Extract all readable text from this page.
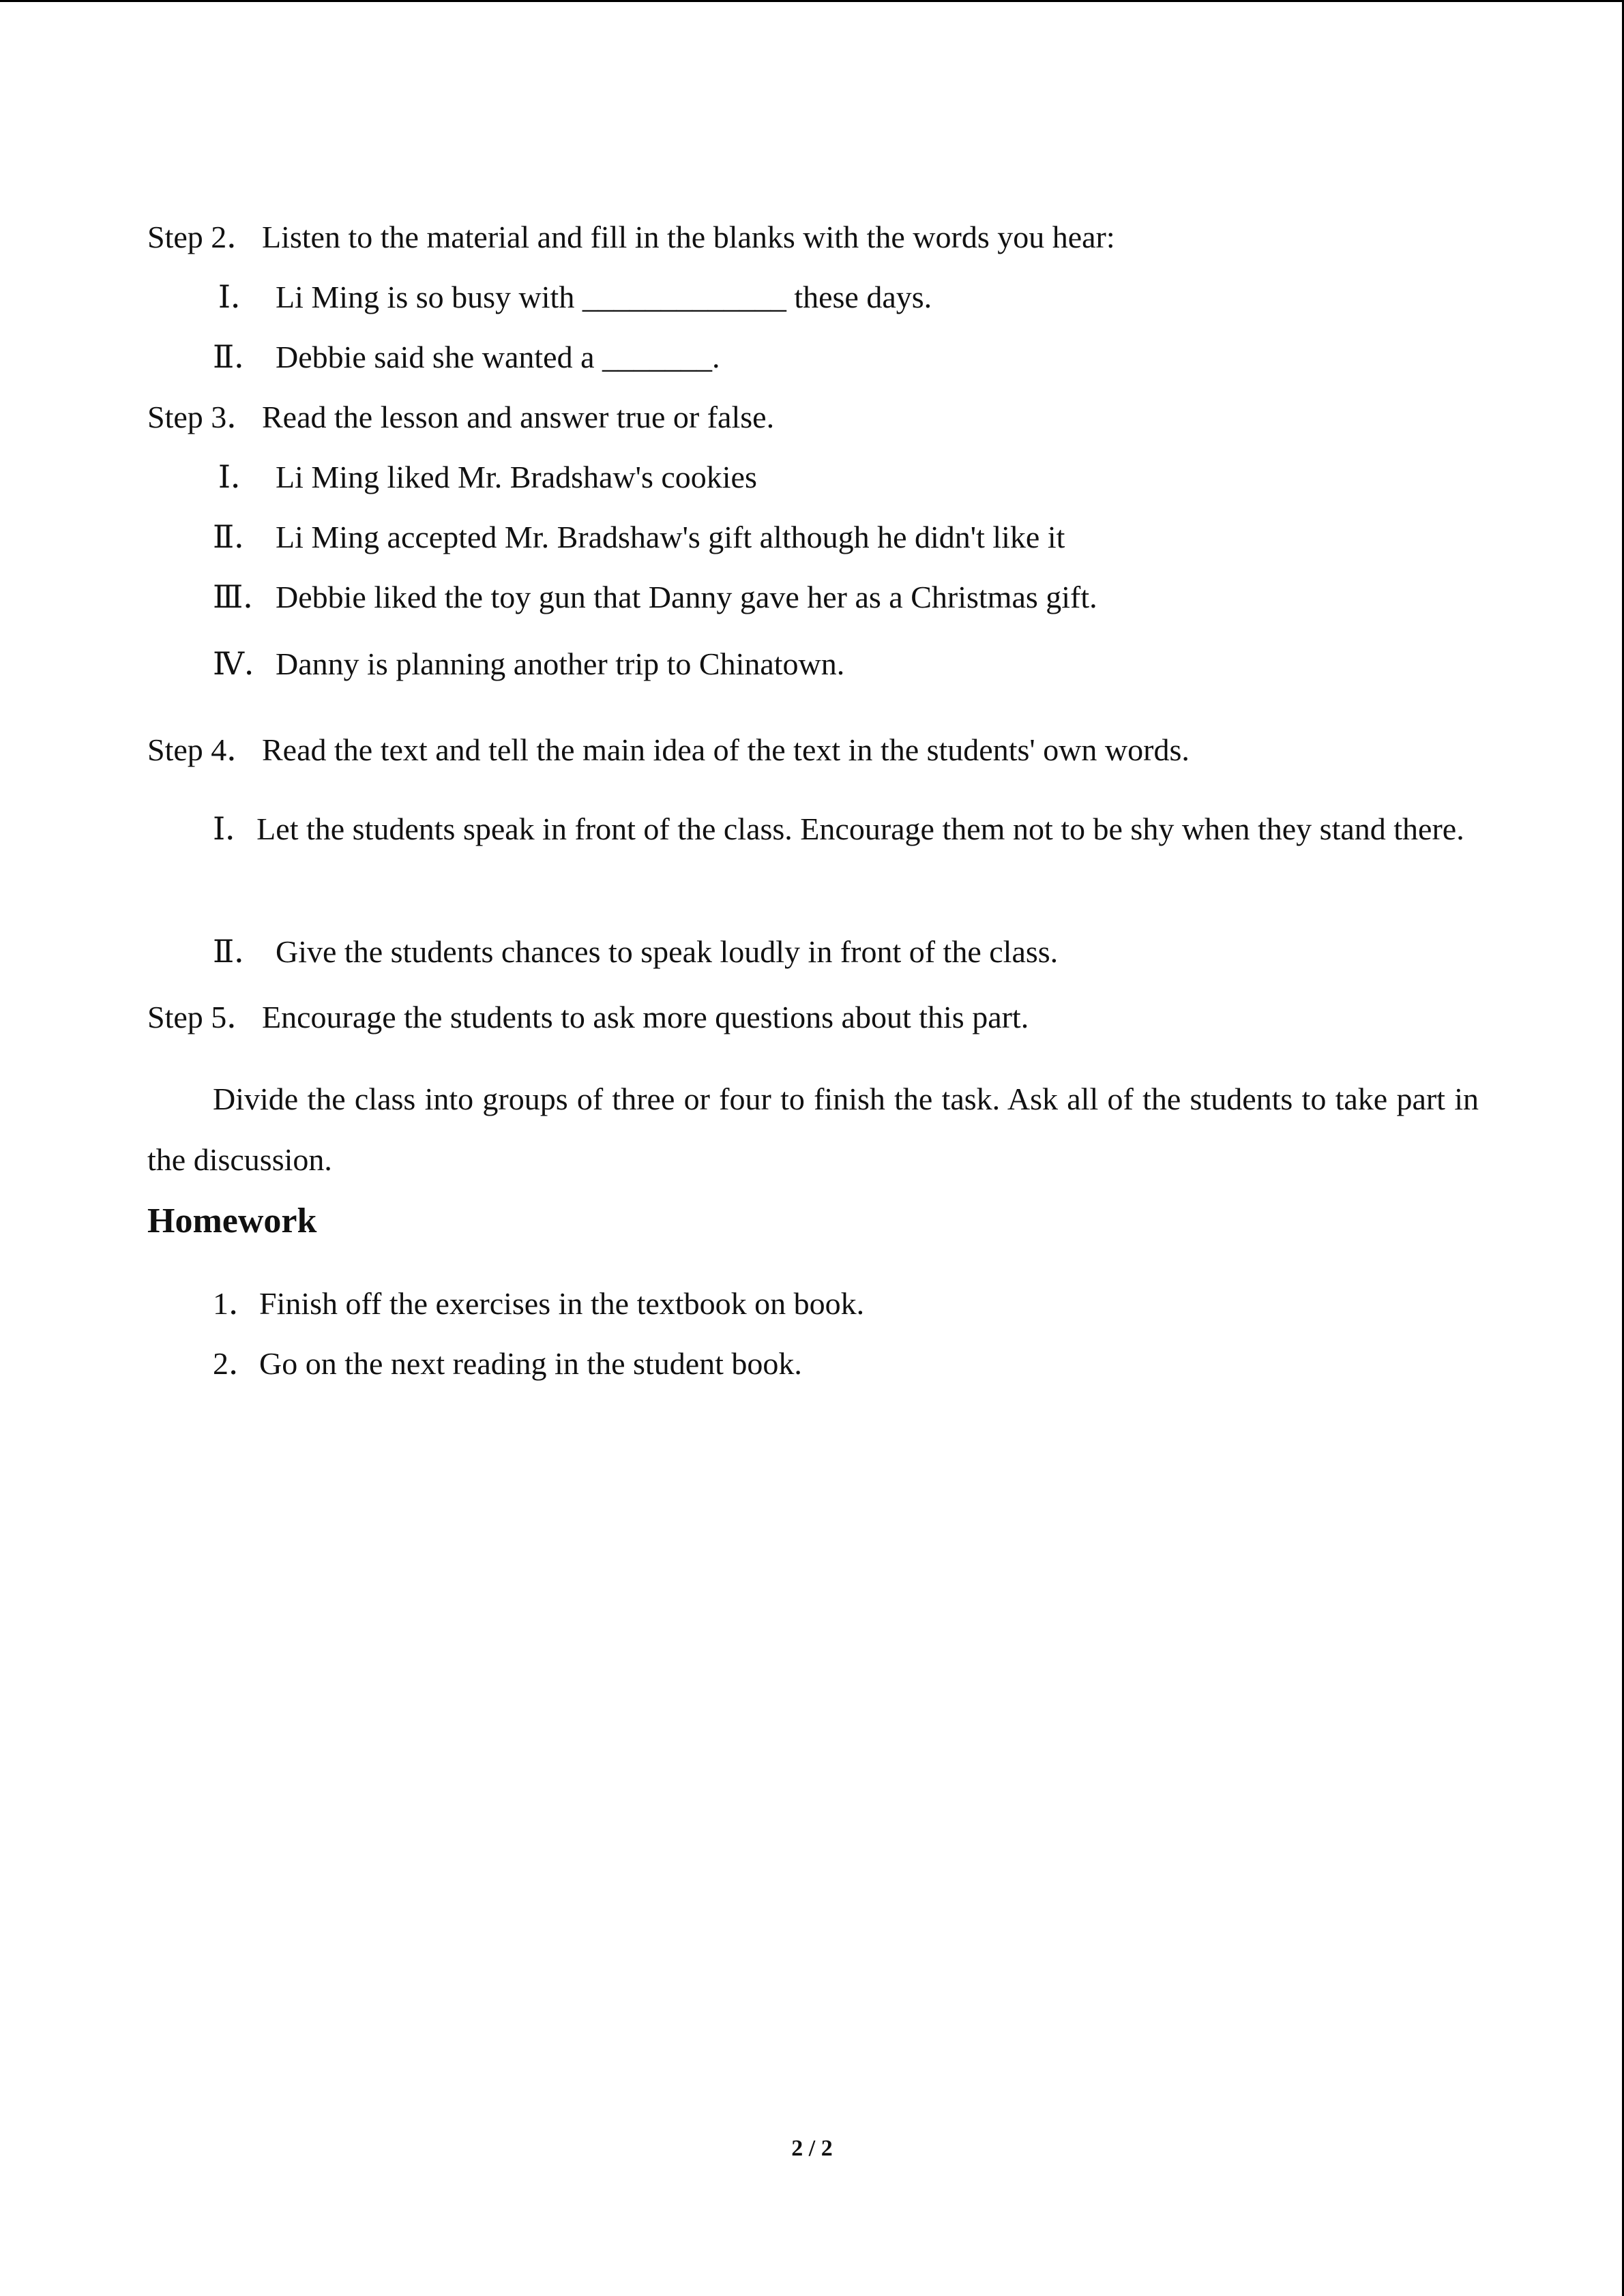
Step 2． Listen to the material and fill in the blanks with the words you hear:
Ⅰ． Li Ming is so busy with _____________ these days.
Ⅱ． Debbie said she wanted a _______.
Step 3． Read the lesson and answer true or false.
Ⅰ． Li Ming liked Mr. Bradshaw's cookies
Ⅱ． Li Ming accepted Mr. Bradshaw's gift although he didn't like it
Ⅲ．Debbie liked the toy gun that Danny gave her as a Christmas gift.
Ⅳ．Danny is planning another trip to Chinatown.
Step 4． Read the text and tell the main idea of the text in the students' own words.
Ⅰ．Let the students speak in front of the class. Encourage them not to be shy when they stand there.
Ⅱ． Give the students chances to speak loudly in front of the class.
Step 5． Encourage the students to ask more questions about this part.
Divide the class into groups of three or four to finish the task. Ask all of the students to take part in the discussion.
Homework
1．Finish off the exercises in the textbook on book.
2．Go on the next reading in the student book.
2 / 2
